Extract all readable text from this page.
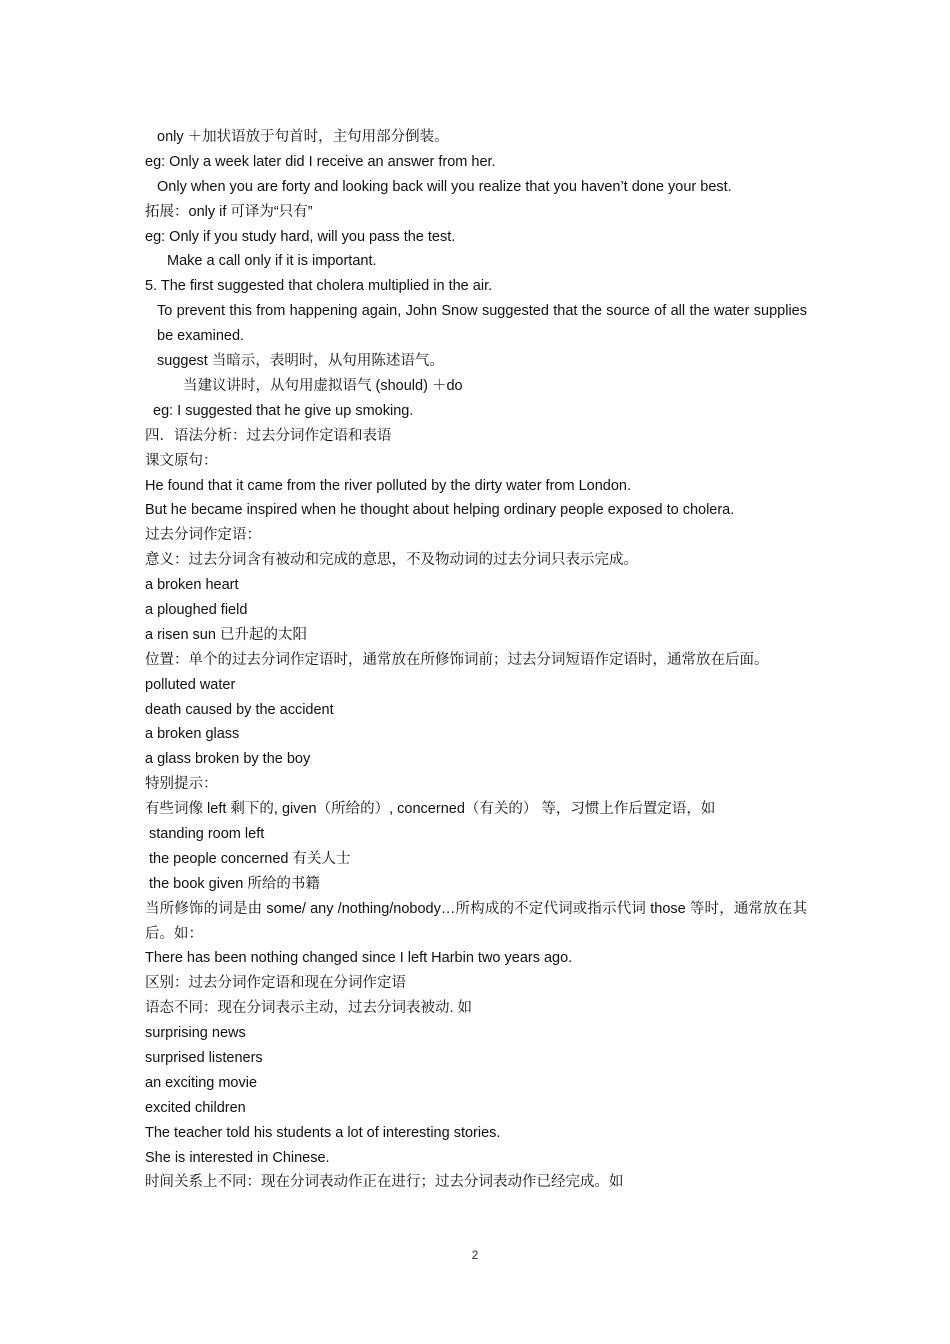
only ＋加状语放于句首时，主句用部分倒装。
eg: Only a week later did I receive an answer from her.
Only when you are forty and looking back will you realize that you haven’t done your best.
拓展：only if 可译为“只有”
eg: Only if you study hard, will you pass the test.
Make a call only if it is important.
5. The first suggested that cholera multiplied in the air.
To prevent this from happening again, John Snow suggested that the source of all the water supplies be examined.
suggest 当暗示，表明时，从句用陈述语气。
当建议讲时，从句用虚拟语气 (should) ＋do
eg: I suggested that he give up smoking.
四．语法分析：过去分词作定语和表语
课文原句：
He found that it came from the river polluted by the dirty water from London.
But he became inspired when he thought about helping ordinary people exposed to cholera.
过去分词作定语：
意义：过去分词含有被动和完成的意思，不及物动词的过去分词只表示完成。
a broken heart
a ploughed field
a risen sun 已升起的太阳
位置：单个的过去分词作定语时，通常放在所修饰词前；过去分词短语作定语时，通常放在后面。
polluted water
death caused by the accident
a broken glass
a glass broken by the boy
特别提示：
有些词像 left 剩下的, given（所给的）, concerned（有关的） 等，习惯上作后置定语，如
standing room left
the people concerned 有关人士
the book given 所给的书籍
当所修饰的词是由 some/ any /nothing/nobody…所构成的不定代词或指示代词 those 等时，通常放在其后。如：
There has been nothing changed since I left Harbin two years ago.
区别：过去分词作定语和现在分词作定语
语态不同：现在分词表示主动，过去分词表被动. 如
surprising news
surprised listeners
an exciting movie
excited children
The teacher told his students a lot of interesting stories.
She is interested in Chinese.
时间关系上不同：现在分词表动作正在进行；过去分词表动作已经完成。如
2
